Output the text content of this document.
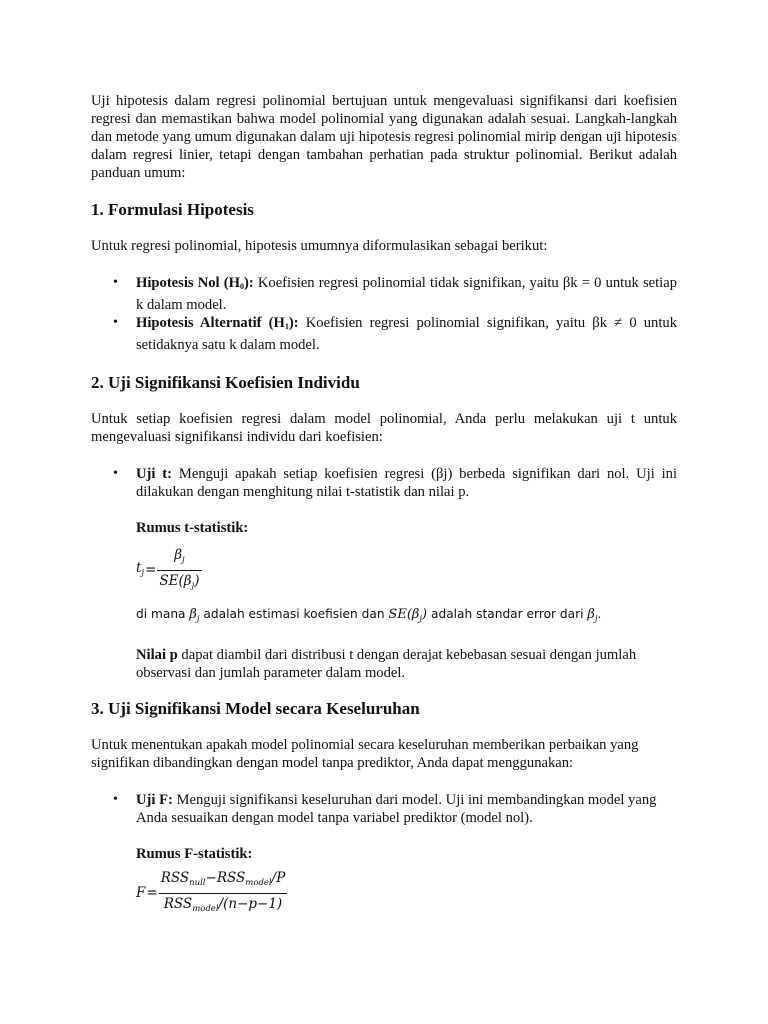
Uji hipotesis dalam regresi polinomial bertujuan untuk mengevaluasi signifikansi dari koefisien regresi dan memastikan bahwa model polinomial yang digunakan adalah sesuai. Langkah-langkah dan metode yang umum digunakan dalam uji hipotesis regresi polinomial mirip dengan uji hipotesis dalam regresi linier, tetapi dengan tambahan perhatian pada struktur polinomial. Berikut adalah panduan umum:

1. Formulasi Hipotesis

Untuk regresi polinomial, hipotesis umumnya diformulasikan sebagai berikut:

• Hipotesis Nol $(H_0)$: Koefisien regresi polinomial tidak signifikan, yaitu βk = 0 untuk setiap k dalam model.
• Hipotesis Alternatif $(H_1)$: Koefisien regresi polinomial signifikan, yaitu βk ≠ 0 untuk setidaknya satu k dalam model.
2. Uji Signifikansi Koefisien Individu

Untuk setiap koefisien regresi dalam model polinomial, Anda perlu melakukan uji t untuk mengevaluasi signifikansi individu dari koefisien:

• Uji t: Menguji apakah setiap koefisien regresi (βj) berbeda signifikan dari nol. Uji ini dilakukan dengan menghitung nilai t-statistik dan nilai p.

Rumus t-statistik:

$t_j = \frac{\beta_j}{SE(\beta_j)}$

di mana $\beta_j$ adalah estimasi koefisien dan $SE(\beta_j)$ adalah standar error dari $\beta_j$.

Nilai p dapat diambil dari distribusi t dengan derajat kebebasan sesuai dengan jumlah observasi dan jumlah parameter dalam model.

3. Uji Signifikansi Model secara Keseluruhan

Untuk menentukan apakah model polinomial secara keseluruhan memberikan perbaikan yang signifikan dibandingkan dengan model tanpa prediktor, Anda dapat menggunakan:

• Uji F: Menguji signifikansi keseluruhan dari model. Uji ini membandingkan model yang Anda sesuaikan dengan model tanpa variabel prediktor (model nol).

Rumus F-statistik:

$F = \frac{RSS_{null}-RSS_{model}/P}{RSS_{model}/(n-p-1)}$
